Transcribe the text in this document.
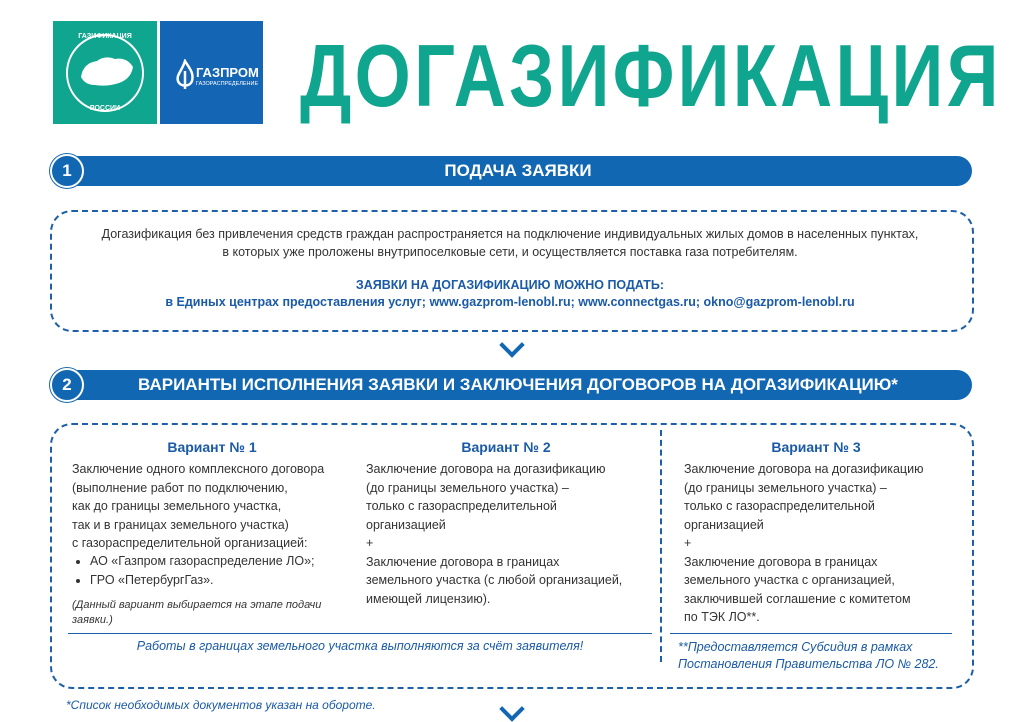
ГАЗИФИКАЦИЯ
РОССИИ
ГАЗПРОМ
ГАЗОРАСПРЕДЕЛЕНИЕ ДОГАЗИФИКАЦИЯ
ПОДАЧА ЗАЯВКИ
1
Догазификация без привлечения средств граждан распространяется на подключение индивидуальных жилых домов в населенных пунктах,
в которых уже проложены внутрипоселковые сети, и осуществляется поставка газа потребителям.
ЗАЯВКИ НА ДОГАЗИФИКАЦИЮ МОЖНО ПОДАТЬ:
в Единых центрах предоставления услуг; www.gazprom-lenobl.ru; www.connectgas.ru; okno@gazprom-lenobl.ru
ВАРИАНТЫ ИСПОЛНЕНИЯ ЗАЯВКИ И ЗАКЛЮЧЕНИЯ ДОГОВОРОВ НА ДОГАЗИФИКАЦИЮ*
2
Вариант № 1
Заключение одного комплексного договора
(выполнение работ по подключению,
как до границы земельного участка,
так и в границах земельного участка)
с газораспределительной организацией:
• АО «Газпром газораспределение ЛО»;
• ГРО «ПетербургГаз».
(Данный вариант выбирается на этапе подачи
заявки.)
Вариант № 2
Заключение договора на догазификацию
(до границы земельного участка) –
только с газораспределительной
организацией
+
Заключение договора в границах
земельного участка (с любой организацией,
имеющей лицензию).
Вариант № 3
Заключение договора на догазификацию
(до границы земельного участка) –
только с газораспределительной
организацией
+
Заключение договора в границах
земельного участка с организацией,
заключившей соглашение с комитетом
по ТЭК ЛО**.
Работы в границах земельного участка выполняются за счёт заявителя!	**Предоставляется Субсидия в рамках
Постановления Правительства ЛО № 282.
*Список необходимых документов указан на обороте.
